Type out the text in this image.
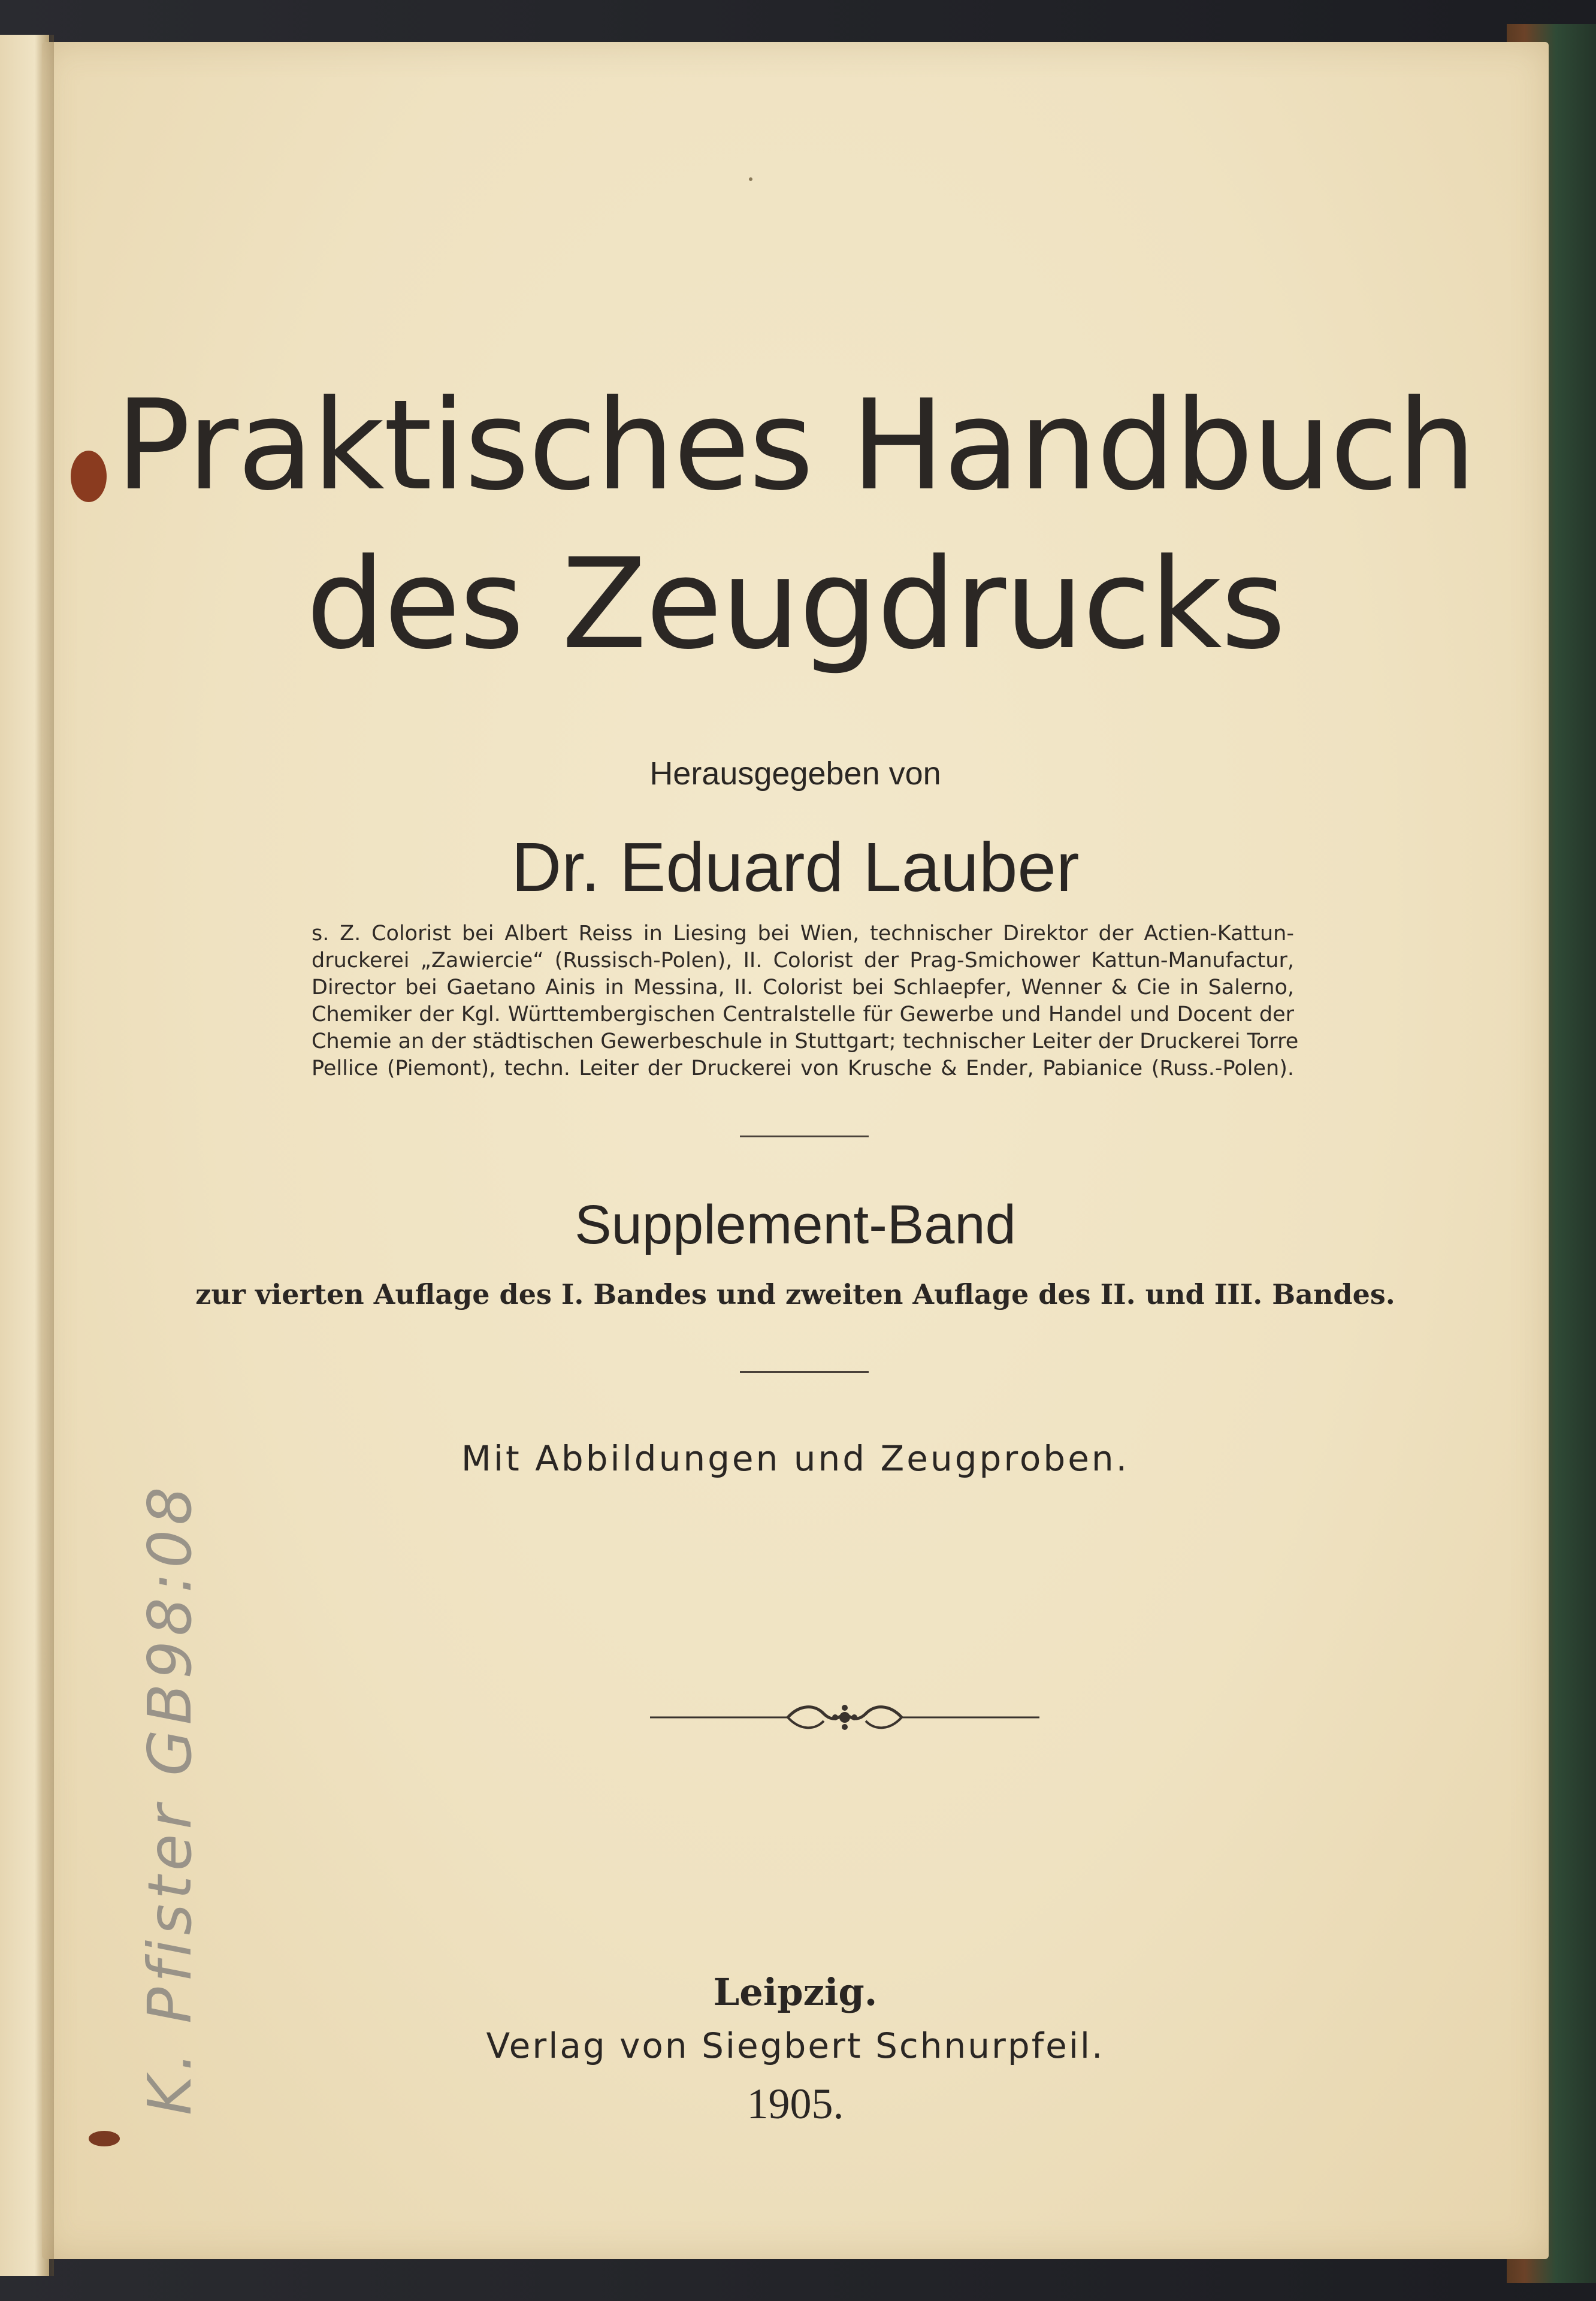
Praktisches Handbuch
des Zeugdrucks
Herausgegeben von
Dr. Eduard Lauber
s. Z. Colorist bei Albert Reiss in Liesing bei Wien, technischer Direktor der Actien-Kattun-
druckerei „Zawiercie“ (Russisch-Polen), II. Colorist der Prag-Smichower Kattun-Manufactur,
Director bei Gaetano Ainis in Messina, II. Colorist bei Schlaepfer, Wenner & Cie in Salerno,
Chemiker der Kgl. Württembergischen Centralstelle für Gewerbe und Handel und Docent der
Chemie an der städtischen Gewerbeschule in Stuttgart; technischer Leiter der Druckerei Torre
Pellice (Piemont), techn. Leiter der Druckerei von Krusche & Ender, Pabianice (Russ.-Polen).
Supplement-Band
zur vierten Auflage des I. Bandes und zweiten Auflage des II. und III. Bandes.
Mit Abbildungen und Zeugproben.
Leipzig.
Verlag von Siegbert Schnurpfeil.
1905.
K. Pfister GB98:08
